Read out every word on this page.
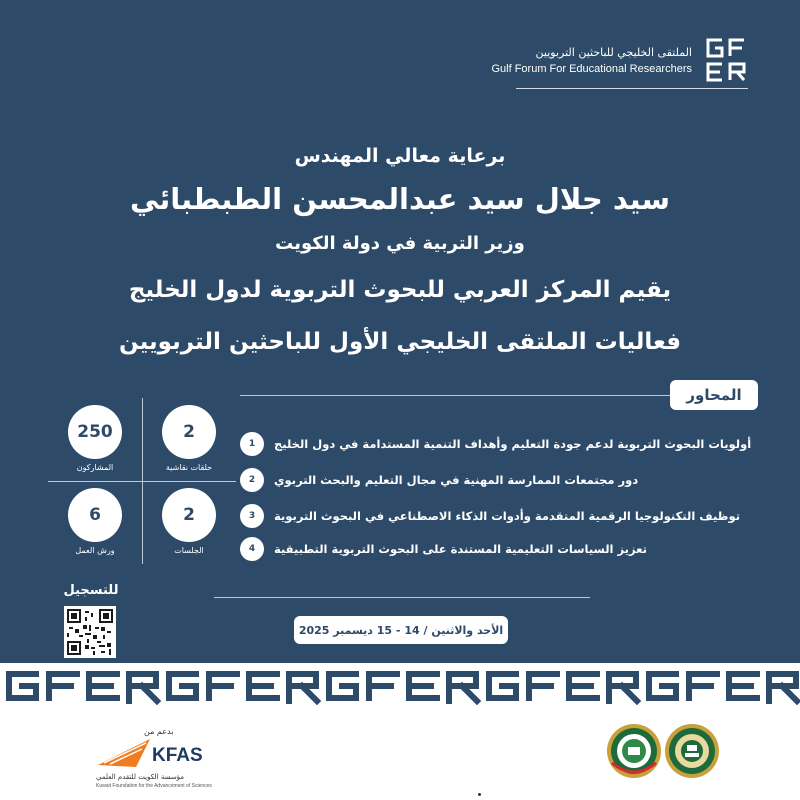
الملتقى الخليجي للباحثين التربويين
Gulf Forum For Educational Researchers

برعاية معالي المهندس

سيد جلال سيد عبدالمحسن الطبطبائي

وزير التربية في دولة الكويت

يقيم المركز العربي للبحوث التربوية لدول الخليج

فعاليات الملتقى الخليجي الأول للباحثين التربويين

المحاور
1	أولويات البحوث التربوية لدعم جودة التعليم وأهداف التنمية المستدامة في دول الخليج
2	دور مجتمعات الممارسة المهنية في مجال التعليم والبحث التربوي
3	توظيف التكنولوجيا الرقمية المتقدمة وأدوات الذكاء الاصطناعي في البحوث التربوية
4	تعزيز السياسات التعليمية المستندة على البحوث التربوية التطبيقية
250
المشاركون
2
حلقات نقاشية
6
ورش العمل
2
الجلسات
للتسجيل
الأحد والاثنين / 14 - 15 ديسمبر 2025
بدعم من
KFAS
مؤسسة الكويت للتقدم العلمي
Kuwait Foundation for the Advancement of Sciences
